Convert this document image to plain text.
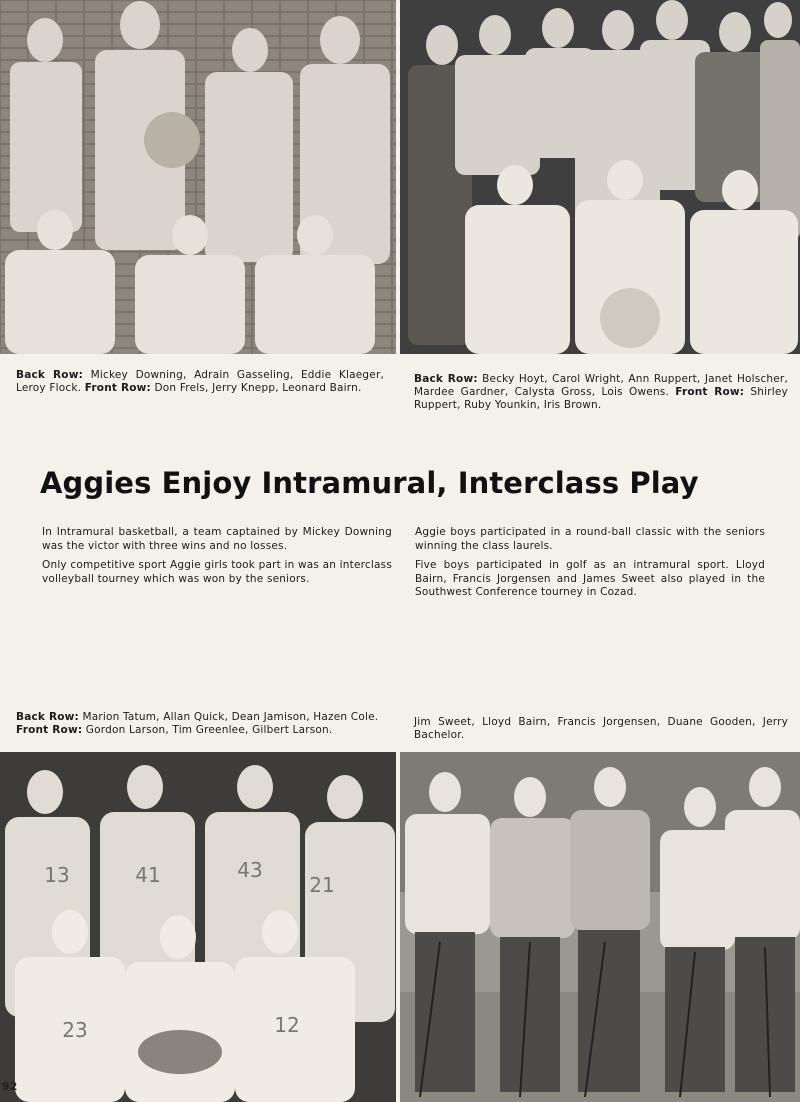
Back Row: Mickey Downing, Adrain Gasseling, Eddie Klaeger, Leroy Flock. Front Row: Don Frels, Jerry Knepp, Leonard Bairn.
Back Row: Becky Hoyt, Carol Wright, Ann Ruppert, Janet Holscher, Mardee Gardner, Calysta Gross, Lois Owens. Front Row: Shirley Ruppert, Ruby Younkin, Iris Brown.
Aggies Enjoy Intramural, Interclass Play

In Intramural basketball, a team captained by Mickey Downing was the victor with three wins and no losses.

Only competitive sport Aggie girls took part in was an interclass volleyball tourney which was won by the seniors.

Aggie boys participated in a round-ball classic with the seniors winning the class laurels.

Five boys participated in golf as an intramural sport. Lloyd Bairn, Francis Jorgensen and James Sweet also played in the Southwest Conference tourney in Cozad.

Back Row: Marion Tatum, Allan Quick, Dean Jamison, Hazen Cole.
Front Row: Gordon Larson, Tim Greenlee, Gilbert Larson.
Jim Sweet, Lloyd Bairn, Francis Jorgensen, Duane Gooden, Jerry Bachelor.
13	41	43
21
23	12
92
